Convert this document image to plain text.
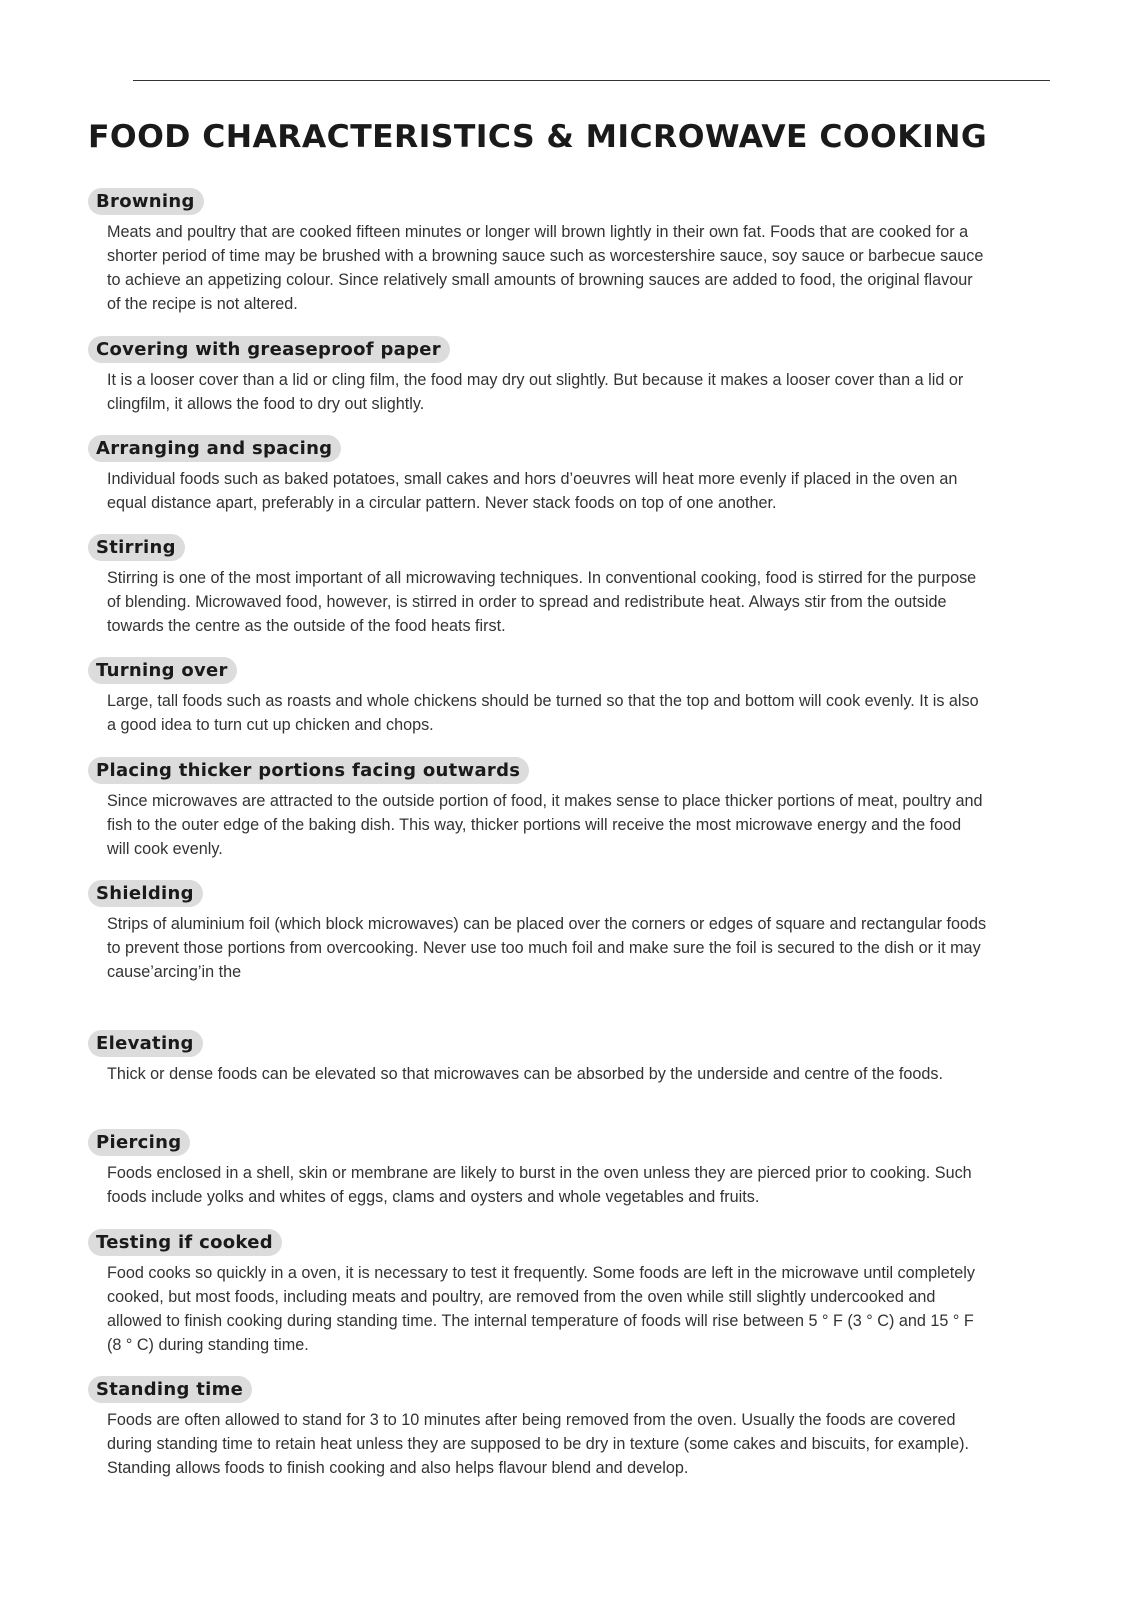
FOOD CHARACTERISTICS & MICROWAVE COOKING
Browning
Meats and poultry that are cooked fifteen minutes or longer will brown lightly in their own fat. Foods that are cooked for a shorter period of time may be brushed with a browning sauce such as worcestershire sauce, soy sauce or barbecue sauce to achieve an appetizing colour. Since relatively small amounts of browning sauces are added to food, the original flavour of the recipe is not altered.
Covering with greaseproof paper
It is a looser cover than a lid or cling film, the food may dry out slightly. But because it makes a looser cover than a lid or clingfilm, it allows the food to dry out slightly.
Arranging and spacing
Individual foods such as baked potatoes, small cakes and hors d’oeuvres will heat more evenly if placed in the oven an equal distance apart, preferably in a circular pattern. Never stack foods on top of one another.
Stirring
Stirring is one of the most important of all microwaving techniques. In conventional cooking, food is stirred for the purpose of blending. Microwaved food, however, is stirred in order to spread and redistribute heat. Always stir from the outside towards the centre as the outside of the food heats first.
Turning over
Large, tall foods such as roasts and whole chickens should be turned so that the top and bottom will cook evenly. It is also a good idea to turn cut up chicken and chops.
Placing thicker portions facing outwards
Since microwaves are attracted to the outside portion of food, it makes sense to place thicker portions of meat, poultry and fish to the outer edge of the baking dish. This way, thicker portions will receive the most microwave energy and the food will cook evenly.
Shielding
Strips of aluminium foil (which block microwaves) can be placed over the corners or edges of square and rectangular foods to prevent those portions from overcooking. Never use too much foil and make sure the foil is secured to the dish or it may cause’arcing’in the
Elevating
Thick or dense foods can be elevated so that microwaves can be absorbed by the underside and centre of the foods.
Piercing
Foods enclosed in a shell, skin or membrane are likely to burst in the oven unless they are pierced prior to cooking. Such foods include yolks and whites of eggs, clams and oysters and whole vegetables and fruits.
Testing if cooked
Food cooks so quickly in a oven, it is necessary to test it frequently. Some foods are left in the microwave until completely cooked, but most foods, including meats and poultry, are removed from the oven while still slightly undercooked and allowed to finish cooking during standing time. The internal temperature of foods will rise between 5 ° F (3 ° C) and 15 ° F (8 ° C) during standing time.
Standing time
Foods are often allowed to stand for 3 to 10 minutes after being removed from the oven. Usually the foods are covered during standing time to retain heat unless they are supposed to be dry in texture (some cakes and biscuits, for example). Standing allows foods to finish cooking and also helps flavour blend and develop.
